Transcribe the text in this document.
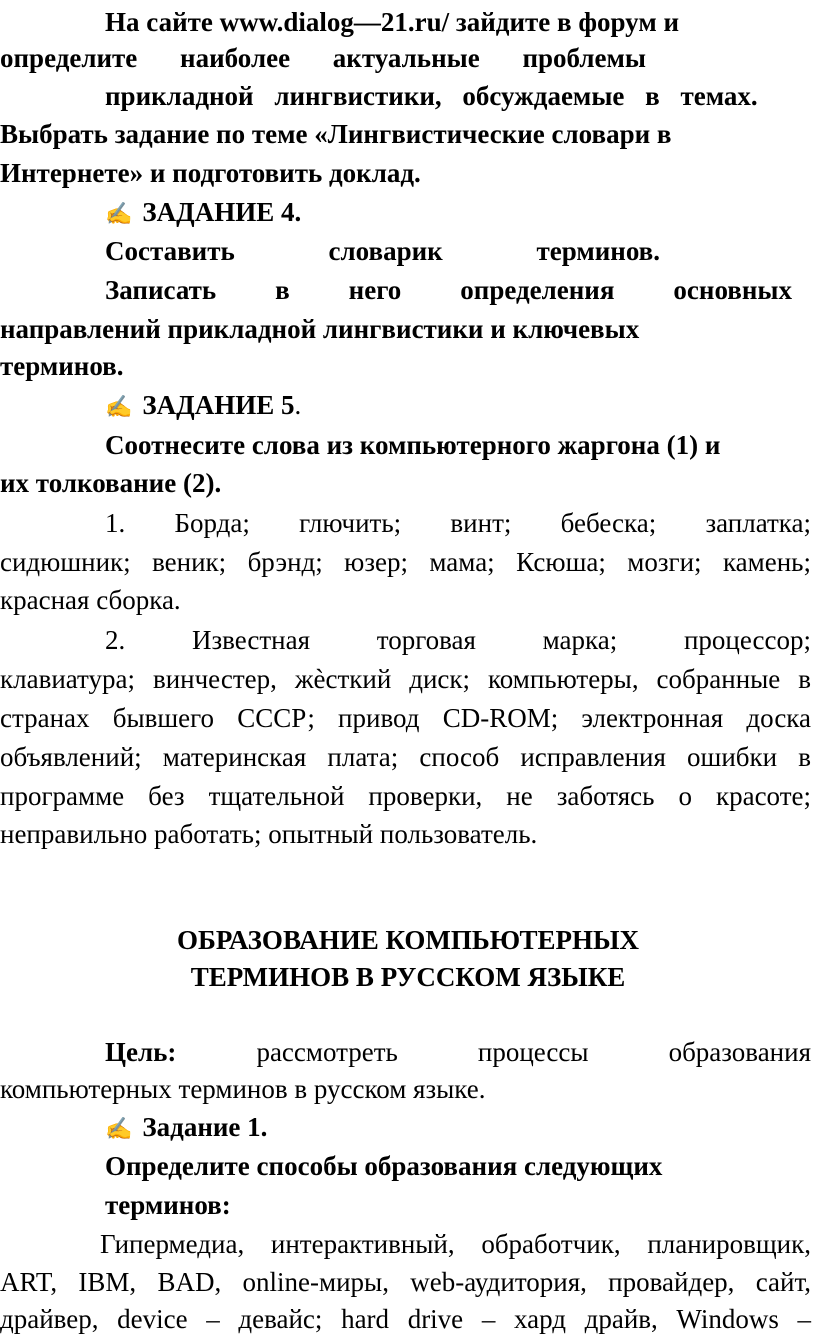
На сайте www.dialog—21.ru/ зайдите в форум и
определите наиболее актуальные проблемы
прикладной лингвистики, обсуждаемые в темах.
Выбрать задание по теме «Лингвистические словари в
Интернете» и подготовить доклад.
✍ ЗАДАНИЕ 4.
Составить словарик терминов.
Записать в него определения основных
направлений прикладной лингвистики и ключевых
терминов.
✍ ЗАДАНИЕ 5.
Соотнесите слова из компьютерного жаргона (1) и
их толкование (2).
1. Борда; глючить; винт; бебеска; заплатка;
сидюшник; веник; брэнд; юзер; мама; Ксюша; мозги; камень;
красная сборка.
2. Известная торговая марка; процессор;
клавиатура; винчестер, жѐсткий диск; компьютеры, собранные в
странах бывшего СССР; привод CD-ROM; электронная доска
объявлений; материнская плата; способ исправления ошибки в
программе без тщательной проверки, не заботясь о красоте;
неправильно работать; опытный пользователь.
ОБРАЗОВАНИЕ КОМПЬЮТЕРНЫХ
ТЕРМИНОВ В РУССКОМ ЯЗЫКЕ
Цель:	рассмотреть процессы образования
компьютерных терминов в русском языке.
✍ Задание 1.
Определите способы образования следующих
терминов:
Гипермедиа, интерактивный, обработчик, планировщик,
ART, IBM, BAD, online-миры, web-аудитория, провайдер, сайт,
драйвер, device – девайс; hard drive – хард драйв, Windows –
